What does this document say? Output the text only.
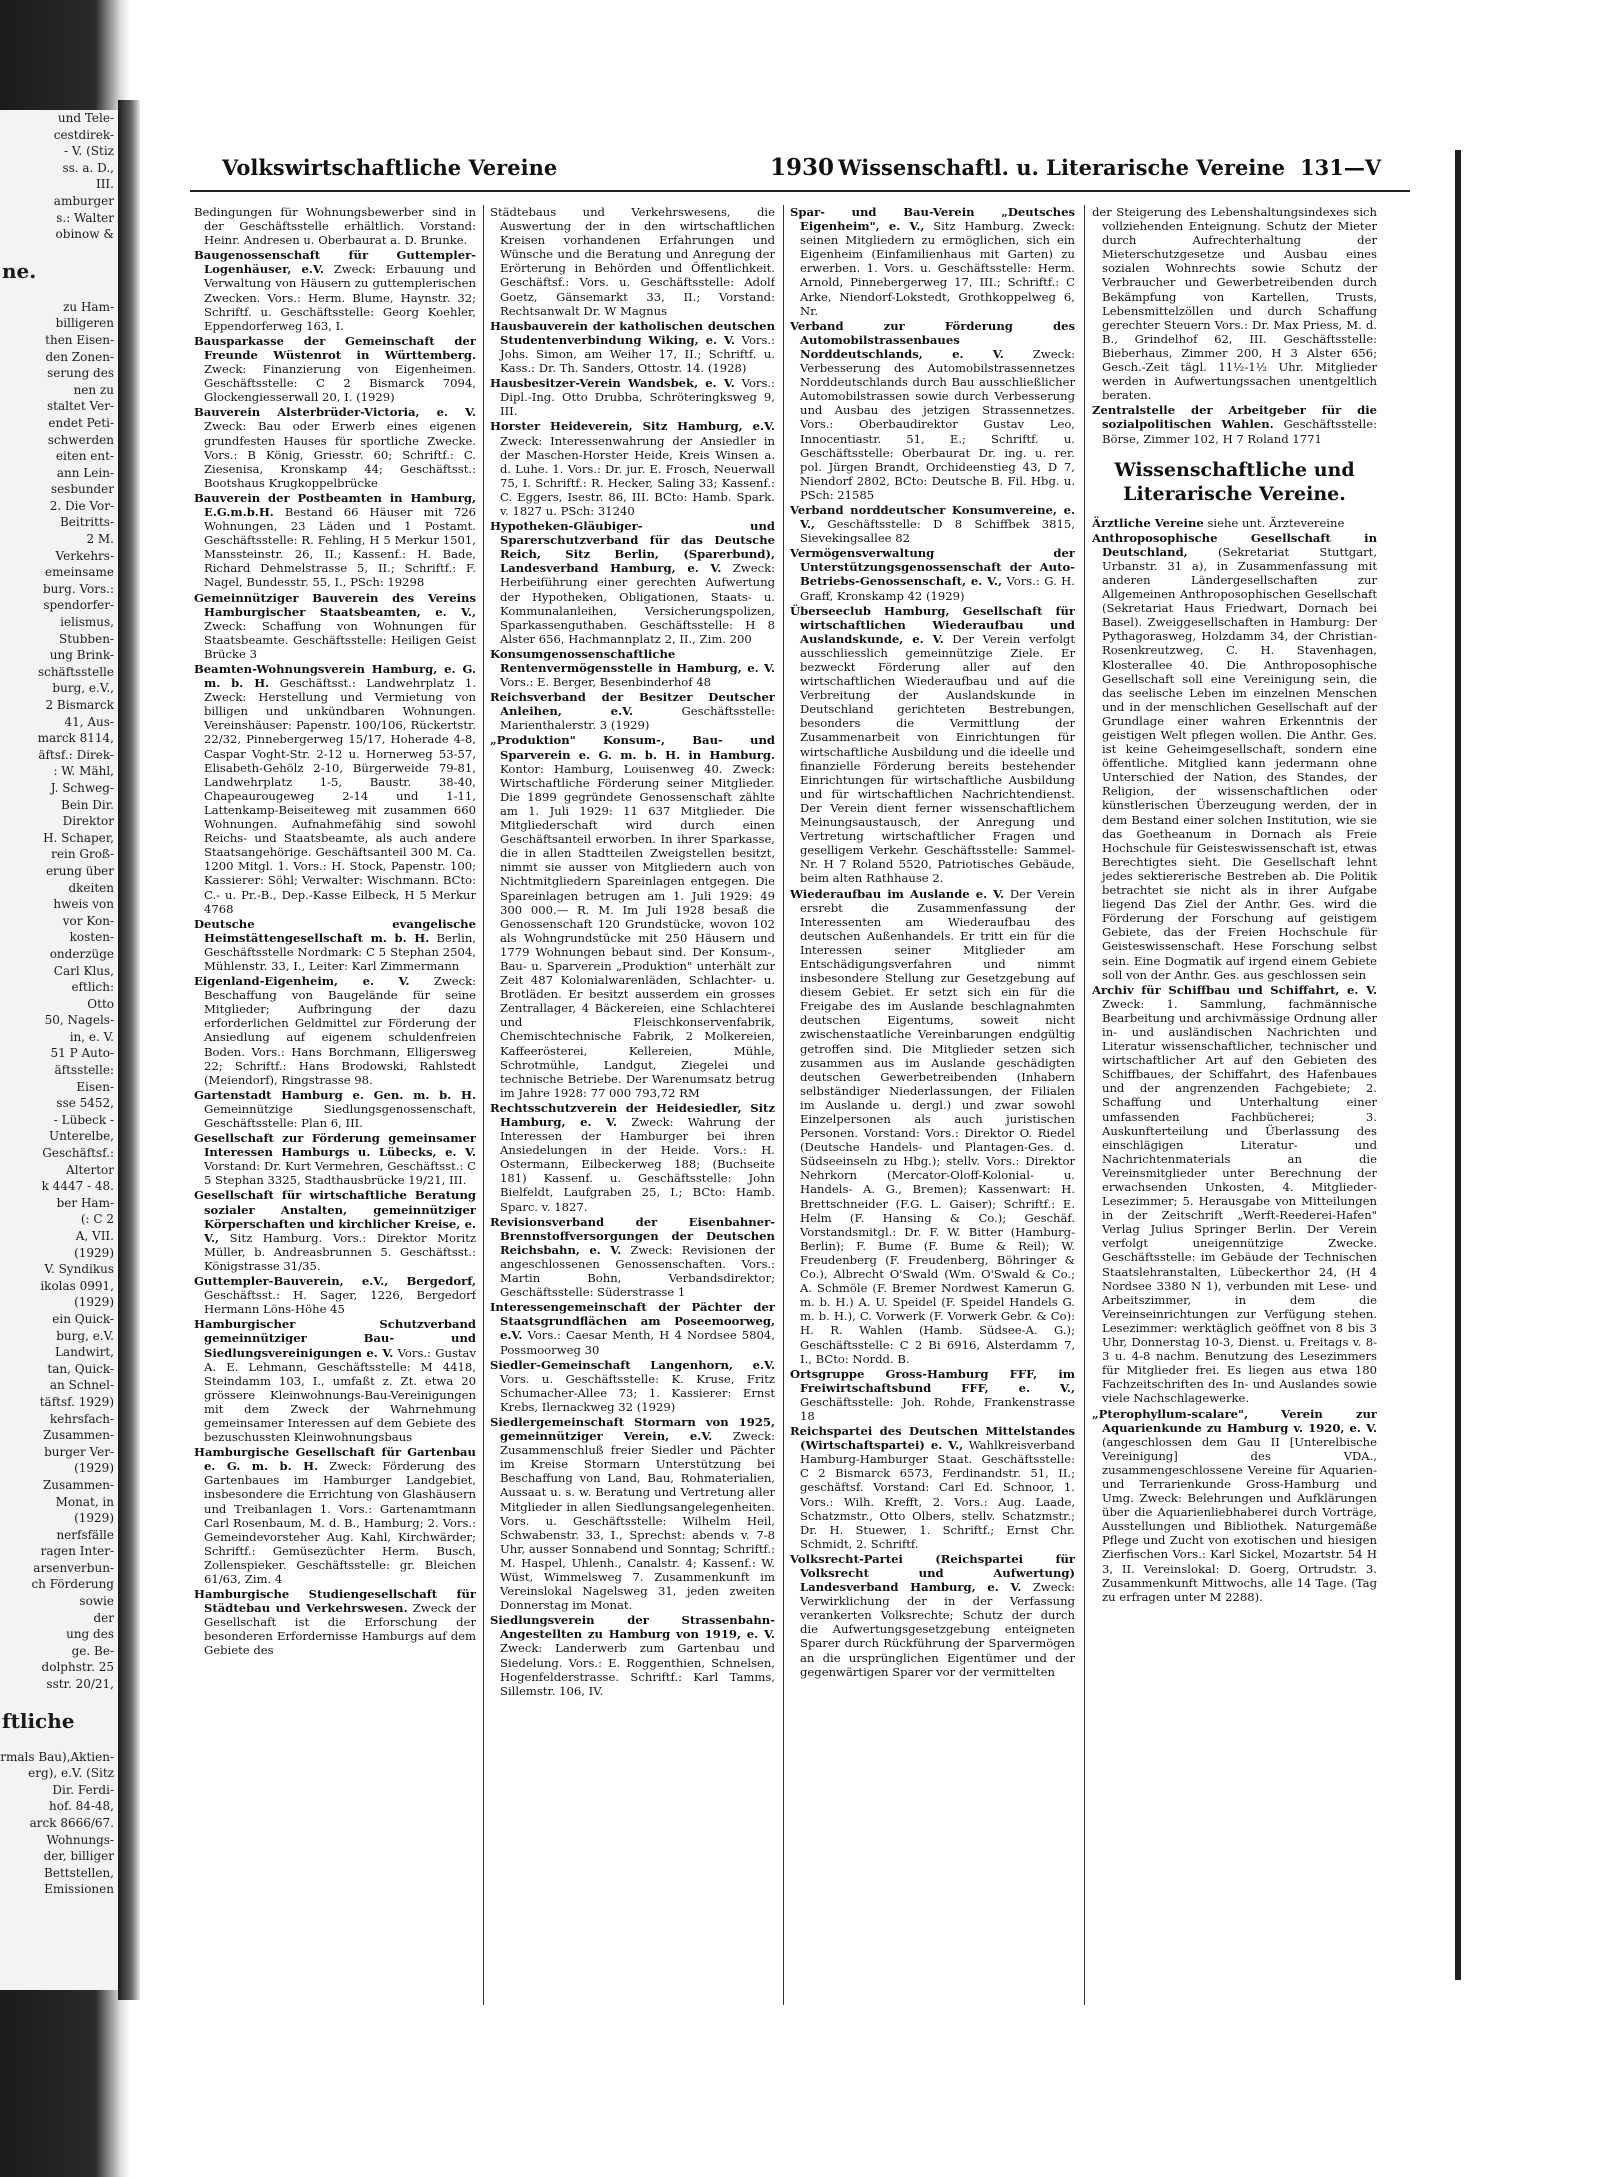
und Tele-
cestdirek-
- V. (Stiz
ss. a. D.,
III.
amburger
s.: Walter
obinow &
ne.
zu Ham-
billigeren
then Eisen-
den Zonen-
serung des
nen zu
staltet Ver-
endet Peti-
schwerden
eiten ent-
ann Lein-
sesbunder
2. Die Vor-
Beitritts-
2 M.
Verkehrs-
emeinsame
burg. Vors.:
spendorfer-
ielismus,
Stubben-
ung Brink-
schäftsstelle
burg, e.V.,
2 Bismarck
41, Aus-
marck 8114,
äftsf.: Direk-
: W. Mähl,
J. Schweg-
Bein Dir.
Direktor
H. Schaper,
rein Groß-
erung über
dkeiten
hweis von
vor Kon-
kosten-
onderzüge
Carl Klus,
eftlich:
Otto
50, Nagels-
in, e. V.
51 P Auto-
äftsstelle:
Eisen-
sse 5452,
- Lübeck -
Unterelbe,
Geschäftsf.:
Altertor
k 4447 - 48.
ber Ham-
(: C 2
A, VII.
(1929)
V. Syndikus
ikolas 0991,
(1929)
ein Quick-
burg, e.V.
Landwirt,
tan, Quick-
an Schnel-
täftsf. 1929)
kehrsfach-
Zusammen-
burger Ver-
(1929)
Zusammen-
Monat, in
(1929)
nerfsfälle
ragen Inter-
arsenverbun-
ch Förderung
sowie
der
ung des
ge. Be-
dolphstr. 25
sstr. 20/21,
ftliche
rmals Bau),Aktien-
erg), e.V. (Sitz
Dir. Ferdi-
hof. 84-48,
arck 8666/67.
Wohnungs-
der, billiger
Bettstellen,
Emissionen
Volkswirtschaftliche Vereine	1930 Wissenschaftl. u. Literarische Vereine 131—V
Bedingungen für Wohnungsbewerber sind in der Geschäftsstelle erhältlich. Vorstand: Heinr. Andresen u. Oberbaurat a. D. Brunke.
Baugenossenschaft für Guttempler-Logenhäuser, e.V. Zweck: Erbauung und Verwaltung von Häusern zu guttemplerischen Zwecken. Vors.: Herm. Blume, Haynstr. 32; Schriftf. u. Geschäftsstelle: Georg Koehler, Eppendorferweg 163, I.
Bausparkasse der Gemeinschaft der Freunde Wüstenrot in Württemberg. Zweck: Finanzierung von Eigenheimen. Geschäftsstelle: C 2 Bismarck 7094, Glockengiesserwall 20, I. (1929)
Bauverein Alsterbrüder-Victoria, e. V. Zweck: Bau oder Erwerb eines eigenen grundfesten Hauses für sportliche Zwecke. Vors.: B König, Griesstr. 60; Schriftf.: C. Ziesenisa, Kronskamp 44; Geschäftsst.: Bootshaus Krugkoppelbrücke
Bauverein der Postbeamten in Hamburg, E.G.m.b.H. Bestand 66 Häuser mit 726 Wohnungen, 23 Läden und 1 Postamt. Geschäftsstelle: R. Fehling, H 5 Merkur 1501, Manssteinstr. 26, II.; Kassenf.: H. Bade, Richard Dehmelstrasse 5, II.; Schriftf.: F. Nagel, Bundesstr. 55, I., PSch: 19298
Gemeinnütziger Bauverein des Vereins Hamburgischer Staatsbeamten, e. V., Zweck: Schaffung von Wohnungen für Staatsbeamte. Geschäftsstelle: Heiligen Geist Brücke 3
Beamten-Wohnungsverein Hamburg, e. G. m. b. H. Geschäftsst.: Landwehrplatz 1. Zweck: Herstellung und Vermietung von billigen und unkündbaren Wohnungen. Vereinshäuser: Papenstr. 100/106, Rückertstr. 22/32, Pinnebergerweg 15/17, Hoherade 4-8, Caspar Voght-Str. 2-12 u. Hornerweg 53-57, Elisabeth-Gehölz 2-10, Bürgerweide 79-81, Landwehrplatz 1-5, Baustr. 38-40, Chapeaurougeweg 2-14 und 1-11, Lattenkamp-Beiseiteweg mit zusammen 660 Wohnungen. Aufnahmefähig sind sowohl Reichs- und Staatsbeamte, als auch andere Staatsangehörige. Geschäftsanteil 300 M. Ca. 1200 Mitgl. 1. Vors.: H. Stock, Papenstr. 100; Kassierer: Söhl; Verwalter: Wischmann. BCto: C.- u. Pr.-B., Dep.-Kasse Eilbeck, H 5 Merkur 4768
Deutsche evangelische Heimstättengesellschaft m. b. H. Berlin, Geschäftsstelle Nordmark: C 5 Stephan 2504, Mühlenstr. 33, I., Leiter: Karl Zimmermann
Eigenland-Eigenheim, e. V. Zweck: Beschaffung von Baugelände für seine Mitglieder; Aufbringung der dazu erforderlichen Geldmittel zur Förderung der Ansiedlung auf eigenem schuldenfreien Boden. Vors.: Hans Borchmann, Elligersweg 22; Schriftf.: Hans Brodowski, Rahlstedt (Meiendorf), Ringstrasse 98.
Gartenstadt Hamburg e. Gen. m. b. H. Gemeinnützige Siedlungsgenossenschaft, Geschäftsstelle: Plan 6, III.
Gesellschaft zur Förderung gemeinsamer Interessen Hamburgs u. Lübecks, e. V. Vorstand: Dr. Kurt Vermehren, Geschäftsst.: C 5 Stephan 3325, Stadthausbrücke 19/21, III.
Gesellschaft für wirtschaftliche Beratung sozialer Anstalten, gemeinnütziger Körperschaften und kirchlicher Kreise, e. V., Sitz Hamburg. Vors.: Direktor Moritz Müller, b. Andreasbrunnen 5. Geschäftsst.: Königstrasse 31/35.
Guttempler-Bauverein, e.V., Bergedorf, Geschäftsst.: H. Sager, 1226, Bergedorf Hermann Löns-Höhe 45
Hamburgischer Schutzverband gemeinnütziger Bau- und Siedlungsvereinigungen e. V. Vors.: Gustav A. E. Lehmann, Geschäftsstelle: M 4418, Steindamm 103, I., umfaßt z. Zt. etwa 20 grössere Kleinwohnungs-Bau-Vereinigungen mit dem Zweck der Wahrnehmung gemeinsamer Interessen auf dem Gebiete des bezuschussten Kleinwohnungsbaus
Hamburgische Gesellschaft für Gartenbau e. G. m. b. H. Zweck: Förderung des Gartenbaues im Hamburger Landgebiet, insbesondere die Errichtung von Glashäusern und Treibanlagen 1. Vors.: Gartenamtmann Carl Rosenbaum, M. d. B., Hamburg; 2. Vors.: Gemeindevorsteher Aug. Kahl, Kirchwärder; Schriftf.: Gemüsezüchter Herm. Busch, Zollenspieker. Geschäftsstelle: gr. Bleichen 61/63, Zim. 4
Hamburgische Studiengesellschaft für Städtebau und Verkehrswesen. Zweck der Gesellschaft ist die Erforschung der besonderen Erfordernisse Hamburgs auf dem Gebiete des
Städtebaus und Verkehrswesens, die Auswertung der in den wirtschaftlichen Kreisen vorhandenen Erfahrungen und Wünsche und die Beratung und Anregung der Erörterung in Behörden und Öffentlichkeit. Geschäftsf.: Vors. u. Geschäftsstelle: Adolf Goetz, Gänsemarkt 33, II.; Vorstand: Rechtsanwalt Dr. W Magnus
Hausbauverein der katholischen deutschen Studentenverbindung Wiking, e. V. Vors.: Johs. Simon, am Weiher 17, II.; Schriftf. u. Kass.: Dr. Th. Sanders, Ottostr. 14. (1928)
Hausbesitzer-Verein Wandsbek, e. V. Vors.: Dipl.-Ing. Otto Drubba, Schröteringksweg 9, III.
Horster Heideverein, Sitz Hamburg, e.V. Zweck: Interessenwahrung der Ansiedler in der Maschen-Horster Heide, Kreis Winsen a. d. Luhe. 1. Vors.: Dr. jur. E. Frosch, Neuerwall 75, I. Schriftf.: R. Hecker, Saling 33; Kassenf.: C. Eggers, Isestr. 86, III. BCto: Hamb. Spark. v. 1827 u. PSch: 31240
Hypotheken-Gläubiger- und Sparerschutzverband für das Deutsche Reich, Sitz Berlin, (Sparerbund), Landesverband Hamburg, e. V. Zweck: Herbeiführung einer gerechten Aufwertung der Hypotheken, Obligationen, Staats- u. Kommunalanleihen, Versicherungspolizen, Sparkassenguthaben. Geschäftsstelle: H 8 Alster 656, Hachmannplatz 2, II., Zim. 200
Konsumgenossenschaftliche Rentenvermögensstelle in Hamburg, e. V. Vors.: E. Berger, Besenbinderhof 48
Reichsverband der Besitzer Deutscher Anleihen, e.V. Geschäftsstelle: Marienthalerstr. 3 (1929)
„Produktion" Konsum-, Bau- und Sparverein e. G. m. b. H. in Hamburg. Kontor: Hamburg, Louisenweg 40. Zweck: Wirtschaftliche Förderung seiner Mitglieder. Die 1899 gegründete Genossenschaft zählte am 1. Juli 1929: 11 637 Mitglieder. Die Mitgliederschaft wird durch einen Geschäftsanteil erworben. In ihrer Sparkasse, die in allen Stadtteilen Zweigstellen besitzt, nimmt sie ausser von Mitgliedern auch von Nichtmitgliedern Spareinlagen entgegen. Die Spareinlagen betrugen am 1. Juli 1929: 49 300 000.— R. M. Im Juli 1928 besaß die Genossenschaft 120 Grundstücke, wovon 102 als Wohngrundstücke mit 250 Häusern und 1779 Wohnungen bebaut sind. Der Konsum-, Bau- u. Sparverein „Produktion" unterhält zur Zeit 487 Kolonialwarenläden, Schlachter- u. Brotläden. Er besitzt ausserdem ein grosses Zentrallager, 4 Bäckereien, eine Schlachterei und Fleischkonservenfabrik, Chemischtechnische Fabrik, 2 Molkereien, Kaffeerösterei, Kellereien, Mühle, Schrotmühle, Landgut, Ziegelei und technische Betriebe. Der Warenumsatz betrug im Jahre 1928: 77 000 793,72 RM
Rechtsschutzverein der Heidesiedler, Sitz Hamburg, e. V. Zweck: Wahrung der Interessen der Hamburger bei ihren Ansiedelungen in der Heide. Vors.: H. Ostermann, Eilbeckerweg 188; (Buchseite 181) Kassenf. u. Geschäftsstelle: John Bielfeldt, Laufgraben 25, I.; BCto: Hamb. Sparc. v. 1827.
Revisionsverband der Eisenbahner-Brennstoffversorgungen der Deutschen Reichsbahn, e. V. Zweck: Revisionen der angeschlossenen Genossenschaften. Vors.: Martin Bohn, Verbandsdirektor; Geschäftsstelle: Süderstrasse 1
Interessengemeinschaft der Pächter der Staatsgrundflächen am Poseemoorweg, e.V. Vors.: Caesar Menth, H 4 Nordsee 5804, Possmoorweg 30
Siedler-Gemeinschaft Langenhorn, e.V. Vors. u. Geschäftsstelle: K. Kruse, Fritz Schumacher-Allee 73; 1. Kassierer: Ernst Krebs, Ilernackweg 32 (1929)
Siedlergemeinschaft Stormarn von 1925, gemeinnütziger Verein, e.V. Zweck: Zusammenschluß freier Siedler und Pächter im Kreise Stormarn Unterstützung bei Beschaffung von Land, Bau, Rohmaterialien, Aussaat u. s. w. Beratung und Vertretung aller Mitglieder in allen Siedlungsangelegenheiten. Vors. u. Geschäftsstelle: Wilhelm Heil, Schwabenstr. 33, I., Sprechst: abends v. 7-8 Uhr, ausser Sonnabend und Sonntag; Schriftf.: M. Haspel, Uhlenh., Canalstr. 4; Kassenf.: W. Wüst, Wimmelsweg 7. Zusammenkunft im Vereinslokal Nagelsweg 31, jeden zweiten Donnerstag im Monat.
Siedlungsverein der Strassenbahn-Angestellten zu Hamburg von 1919, e. V. Zweck: Landerwerb zum Gartenbau und Siedelung. Vors.: E. Roggenthien, Schnelsen, Hogenfelderstrasse. Schriftf.: Karl Tamms, Sillemstr. 106, IV.
Spar- und Bau-Verein „Deutsches Eigenheim", e. V., Sitz Hamburg. Zweck: seinen Mitgliedern zu ermöglichen, sich ein Eigenheim (Einfamilienhaus mit Garten) zu erwerben. 1. Vors. u. Geschäftsstelle: Herm. Arnold, Pinnebergerweg 17, III.; Schriftf.: C Arke, Niendorf-Lokstedt, Grothkoppelweg 6, Nr.
Verband zur Förderung des Automobilstrassenbaues Norddeutschlands, e. V. Zweck: Verbesserung des Automobilstrassennetzes Norddeutschlands durch Bau ausschließlicher Automobilstrassen sowie durch Verbesserung und Ausbau des jetzigen Strassennetzes. Vors.: Oberbaudirektor Gustav Leo, Innocentiastr. 51, E.; Schriftf. u. Geschäftsstelle: Oberbaurat Dr. ing. u. rer. pol. Jürgen Brandt, Orchideenstieg 43, D 7, Niendorf 2802, BCto: Deutsche B. Fil. Hbg. u. PSch: 21585
Verband norddeutscher Konsumvereine, e. V., Geschäftsstelle: D 8 Schiffbek 3815, Sievekingsallee 82
Vermögensverwaltung der Unterstützungsgenossenschaft der Auto-Betriebs-Genossenschaft, e. V., Vors.: G. H. Graff, Kronskamp 42 (1929)
Überseeclub Hamburg, Gesellschaft für wirtschaftlichen Wiederaufbau und Auslandskunde, e. V. Der Verein verfolgt ausschliesslich gemeinnützige Ziele. Er bezweckt Förderung aller auf den wirtschaftlichen Wiederaufbau und auf die Verbreitung der Auslandskunde in Deutschland gerichteten Bestrebungen, besonders die Vermittlung der Zusammenarbeit von Einrichtungen für wirtschaftliche Ausbildung und die ideelle und finanzielle Förderung bereits bestehender Einrichtungen für wirtschaftliche Ausbildung und für wirtschaftlichen Nachrichtendienst. Der Verein dient ferner wissenschaftlichem Meinungsaustausch, der Anregung und Vertretung wirtschaftlicher Fragen und geselligem Verkehr. Geschäftsstelle: Sammel-Nr. H 7 Roland 5520, Patriotisches Gebäude, beim alten Rathhause 2.
Wiederaufbau im Auslande e. V. Der Verein ersrebt die Zusammenfassung der Interessenten am Wiederaufbau des deutschen Außenhandels. Er tritt ein für die Interessen seiner Mitglieder am Entschädigungsverfahren und nimmt insbesondere Stellung zur Gesetzgebung auf diesem Gebiet. Er setzt sich ein für die Freigabe des im Auslande beschlagnahmten deutschen Eigentums, soweit nicht zwischenstaatliche Vereinbarungen endgültig getroffen sind. Die Mitglieder setzen sich zusammen aus im Auslande geschädigten deutschen Gewerbetreibenden (Inhabern selbständiger Niederlassungen, der Filialen im Auslande u. dergl.) und zwar sowohl Einzelpersonen als auch juristischen Personen. Vorstand: Vors.: Direktor O. Riedel (Deutsche Handels- und Plantagen-Ges. d. Südseeinseln zu Hbg.); stellv. Vors.: Direktor Nehrkorn (Mercator-Oloff-Kolonial- u. Handels- A. G., Bremen); Kassenwart: H. Brettschneider (F.G. L. Gaiser); Schriftf.: E. Helm (F. Hansing & Co.); Geschäf. Vorstandsmitgl.: Dr. F. W. Bitter (Hamburg-Berlin); F. Bume (F. Bume & Reil); W. Freudenberg (F. Freudenberg, Böhringer & Co.), Albrecht O'Swald (Wm. O'Swald & Co.; A. Schmöle (F. Bremer Nordwest Kamerun G. m. b. H.) A. U. Speidel (F. Speidel Handels G. m. b. H.), C. Vorwerk (F. Vorwerk Gebr. & Co): H. R. Wahlen (Hamb. Südsee-A. G.); Geschäftsstelle: C 2 Bi 6916, Alsterdamm 7, I., BCto: Nordd. B.
Ortsgruppe Gross-Hamburg FFF, im Freiwirtschaftsbund FFF, e. V., Geschäftsstelle: Joh. Rohde, Frankenstrasse 18
Reichspartei des Deutschen Mittelstandes (Wirtschaftspartei) e. V., Wahlkreisverband Hamburg-Hamburger Staat. Geschäftsstelle: C 2 Bismarck 6573, Ferdinandstr. 51, II.; geschäftsf. Vorstand: Carl Ed. Schnoor, 1. Vors.: Wilh. Krefft, 2. Vors.: Aug. Laade, Schatzmstr., Otto Olbers, stellv. Schatzmstr.; Dr. H. Stuewer, 1. Schriftf.; Ernst Chr. Schmidt, 2. Schriftf.
Volksrecht-Partei (Reichspartei für Volksrecht und Aufwertung) Landesverband Hamburg, e. V. Zweck: Verwirklichung der in der Verfassung verankerten Volksrechte; Schutz der durch die Aufwertungsgesetzgebung enteigneten Sparer durch Rückführung der Sparvermögen an die ursprünglichen Eigentümer und der gegenwärtigen Sparer vor der vermittelten
der Steigerung des Lebenshaltungsindexes sich vollziehenden Enteignung. Schutz der Mieter durch Aufrechterhaltung der Mieterschutzgesetze und Ausbau eines sozialen Wohnrechts sowie Schutz der Verbraucher und Gewerbetreibenden durch Bekämpfung von Kartellen, Trusts, Lebensmittelzöllen und durch Schaffung gerechter Steuern Vors.: Dr. Max Priess, M. d. B., Grindelhof 62, III. Geschäftsstelle: Bieberhaus, Zimmer 200, H 3 Alster 656; Gesch.-Zeit tägl. 11½-1½ Uhr. Mitglieder werden in Aufwertungssachen unentgeltlich beraten.
Zentralstelle der Arbeitgeber für die sozialpolitischen Wahlen. Geschäftsstelle: Börse, Zimmer 102, H 7 Roland 1771
Wissenschaftliche und Literarische Vereine.
Ärztliche Vereine siehe unt. Ärztevereine
Anthroposophische Gesellschaft in Deutschland, (Sekretariat Stuttgart, Urbanstr. 31 a), in Zusammenfassung mit anderen Ländergesellschaften zur Allgemeinen Anthroposophischen Gesellschaft (Sekretariat Haus Friedwart, Dornach bei Basel). Zweiggesellschaften in Hamburg: Der Pythagorasweg, Holzdamm 34, der Christian-Rosenkreutzweg, C. H. Stavenhagen, Klosterallee 40. Die Anthroposophische Gesellschaft soll eine Vereinigung sein, die das seelische Leben im einzelnen Menschen und in der menschlichen Gesellschaft auf der Grundlage einer wahren Erkenntnis der geistigen Welt pflegen wollen. Die Anthr. Ges. ist keine Geheimgesellschaft, sondern eine öffentliche. Mitglied kann jedermann ohne Unterschied der Nation, des Standes, der Religion, der wissenschaftlichen oder künstlerischen Überzeugung werden, der in dem Bestand einer solchen Institution, wie sie das Goetheanum in Dornach als Freie Hochschule für Geisteswissenschaft ist, etwas Berechtigtes sieht. Die Gesellschaft lehnt jedes sektiererische Bestreben ab. Die Politik betrachtet sie nicht als in ihrer Aufgabe liegend Das Ziel der Anthr. Ges. wird die Förderung der Forschung auf geistigem Gebiete, das der Freien Hochschule für Geisteswissenschaft. Hese Forschung selbst sein. Eine Dogmatik auf irgend einem Gebiete soll von der Anthr. Ges. aus geschlossen sein
Archiv für Schiffbau und Schiffahrt, e. V. Zweck: 1. Sammlung, fachmännische Bearbeitung und archivmässige Ordnung aller in- und ausländischen Nachrichten und Literatur wissenschaftlicher, technischer und wirtschaftlicher Art auf den Gebieten des Schiffbaues, der Schiffahrt, des Hafenbaues und der angrenzenden Fachgebiete; 2. Schaffung und Unterhaltung einer umfassenden Fachbücherei; 3. Auskunfterteilung und Überlassung des einschlägigen Literatur- und Nachrichtenmaterials an die Vereinsmitglieder unter Berechnung der erwachsenden Unkosten, 4. Mitglieder-Lesezimmer; 5. Herausgabe von Mitteilungen in der Zeitschrift „Werft-Reederei-Hafen" Verlag Julius Springer Berlin. Der Verein verfolgt uneigennützige Zwecke. Geschäftsstelle: im Gebäude der Technischen Staatslehranstalten, Lübeckerthor 24, (H 4 Nordsee 3380 N 1), verbunden mit Lese- und Arbeitszimmer, in dem die Vereinseinrichtungen zur Verfügung stehen. Lesezimmer: werktäglich geöffnet von 8 bis 3 Uhr, Donnerstag 10-3, Dienst. u. Freitags v. 8-3 u. 4-8 nachm. Benutzung des Lesezimmers für Mitglieder frei. Es liegen aus etwa 180 Fachzeitschriften des In- und Auslandes sowie viele Nachschlagewerke.
„Pterophyllum-scalare", Verein zur Aquarienkunde zu Hamburg v. 1920, e. V. (angeschlossen dem Gau II [Unterelbische Vereinigung] des VDA., zusammengeschlossene Vereine für Aquarien- und Terrarienkunde Gross-Hamburg und Umg. Zweck: Belehrungen und Aufklärungen über die Aquarienliebhaberei durch Vorträge, Ausstellungen und Bibliothek. Naturgemäße Pflege und Zucht von exotischen und hiesigen Zierfischen Vors.: Karl Sickel, Mozartstr. 54 H 3, II. Vereinslokal: D. Goerg, Ortrudstr. 3. Zusammenkunft Mittwochs, alle 14 Tage. (Tag zu erfragen unter M 2288).
